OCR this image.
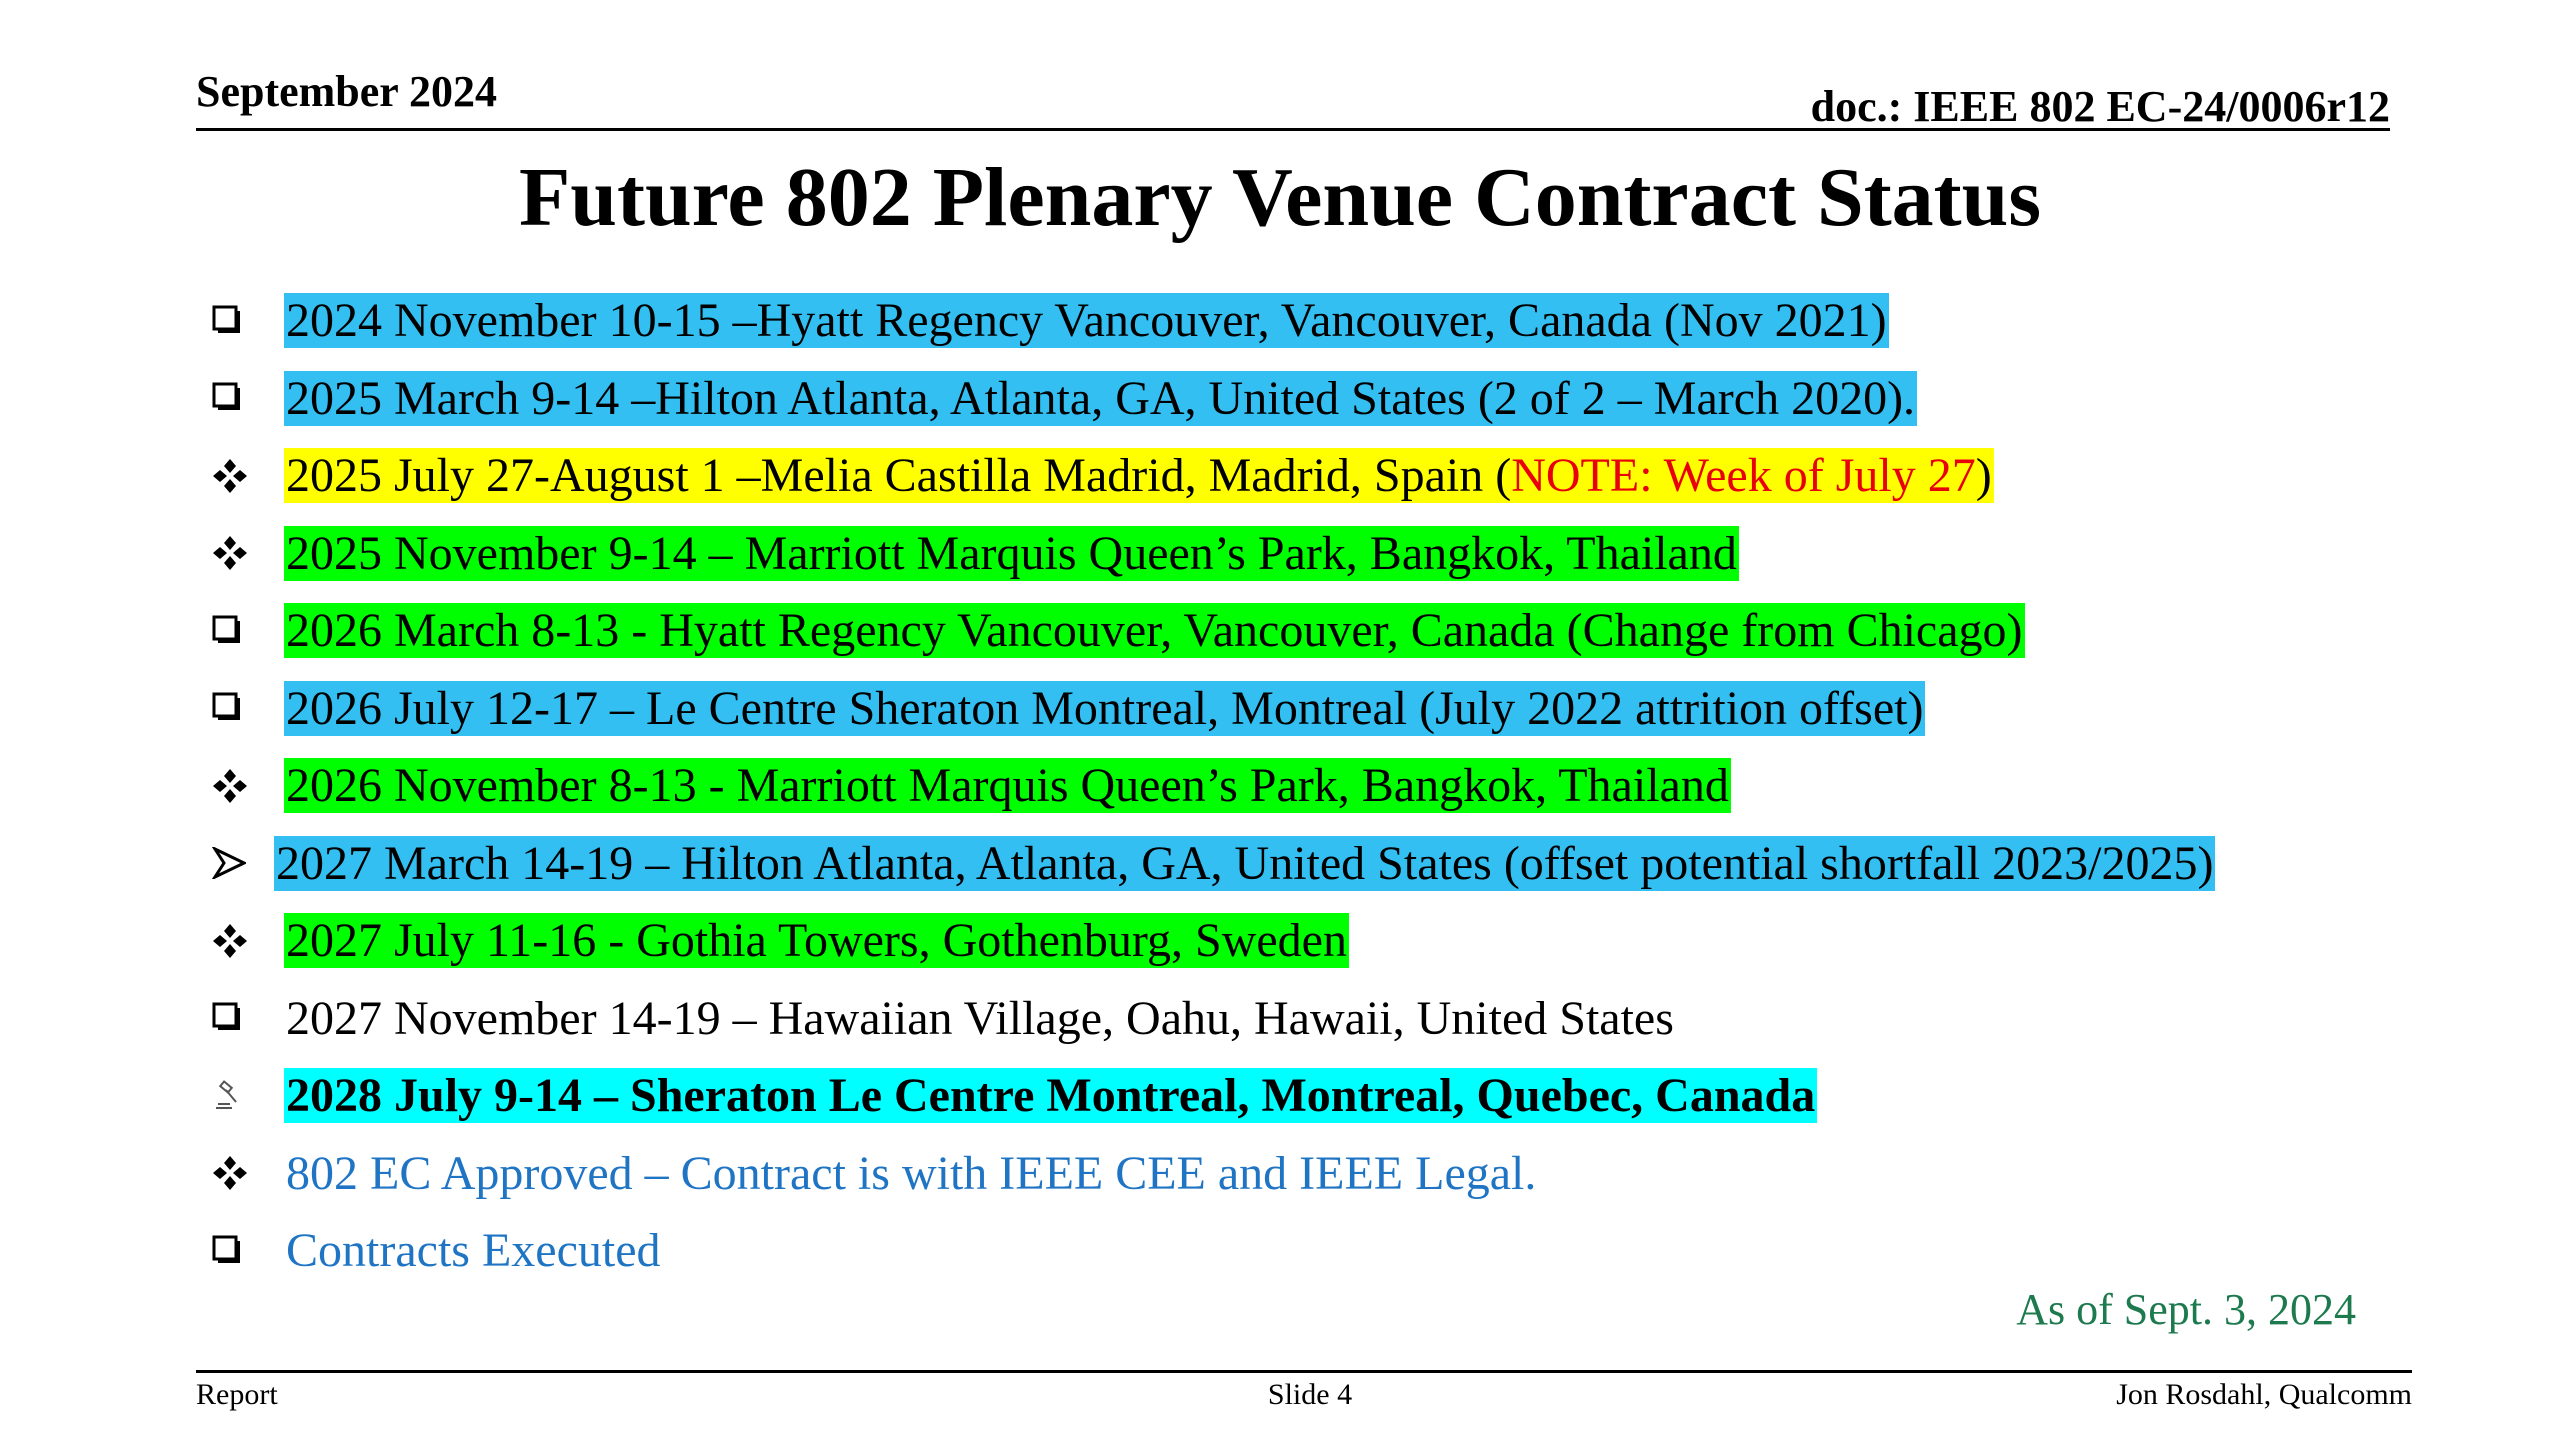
September 2024	doc.: IEEE 802 EC-24/0006r12
Future 802 Plenary Venue Contract Status
2024 November 10-15 –Hyatt Regency Vancouver, Vancouver, Canada (Nov 2021)
2025 March 9-14 –Hilton Atlanta, Atlanta, GA, United States (2 of 2 – March 2020).
2025 July 27-August 1 –Melia Castilla Madrid, Madrid, Spain (NOTE: Week of July 27)
2025 November 9-14 – Marriott Marquis Queen’s Park, Bangkok, Thailand
2026 March 8-13 - Hyatt Regency Vancouver, Vancouver, Canada (Change from Chicago)
2026 July 12-17 – Le Centre Sheraton Montreal, Montreal (July 2022 attrition offset)
2026 November 8-13 - Marriott Marquis Queen’s Park, Bangkok, Thailand
2027 March 14-19 – Hilton Atlanta, Atlanta, GA, United States (offset potential shortfall 2023/2025)
2027 July 11-16 - Gothia Towers, Gothenburg, Sweden
2027 November 14-19 – Hawaiian Village, Oahu, Hawaii, United States
2028 July 9-14 – Sheraton Le Centre Montreal, Montreal, Quebec, Canada
802 EC Approved – Contract is with IEEE CEE and IEEE Legal.
Contracts Executed
As of Sept. 3, 2024
Report	Slide 4	Jon Rosdahl, Qualcomm
